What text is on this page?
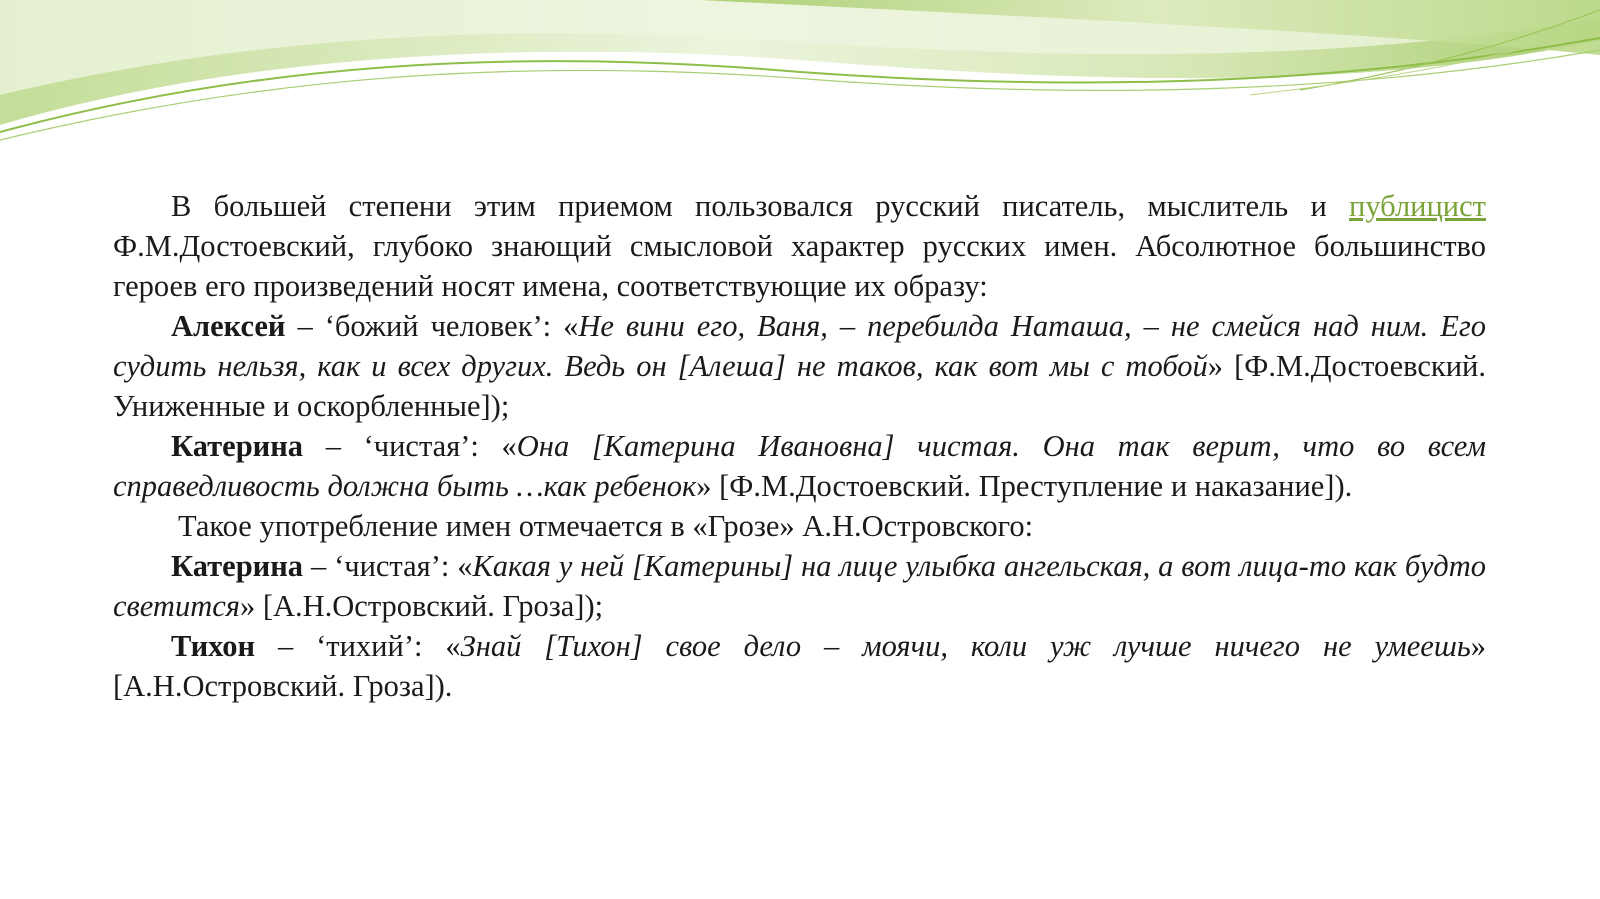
В большей степени этим приемом пользовался русский писатель, мыслитель и публицист Ф.М.Достоевский, глубоко знающий смысловой характер русских имен. Абсолютное большинство героев его произведений носят имена, соответствующие их образу:

Алексей – ‘божий человек’: «Не вини его, Ваня, – перебилда Наташа, – не смейся над ним. Его судить нельзя, как и всех других. Ведь он [Алеша] не таков, как вот мы с тобой» [Ф.М.Достоевский. Униженные и оскорбленные]);

Катерина – ‘чистая’: «Она [Катерина Ивановна] чистая. Она так верит, что во всем справедливость должна быть …как ребенок» [Ф.М.Достоевский. Преступление и наказание]).

Такое употребление имен отмечается в «Грозе» А.Н.Островского:

Катерина – ‘чистая’: «Какая у ней [Катерины] на лице улыбка ангельская, а вот лица-то как будто светится» [А.Н.Островский. Гроза]);

Тихон – ‘тихий’: «Знай [Тихон] свое дело – моячи, коли уж лучше ничего не умеешь» [А.Н.Островский. Гроза]).
